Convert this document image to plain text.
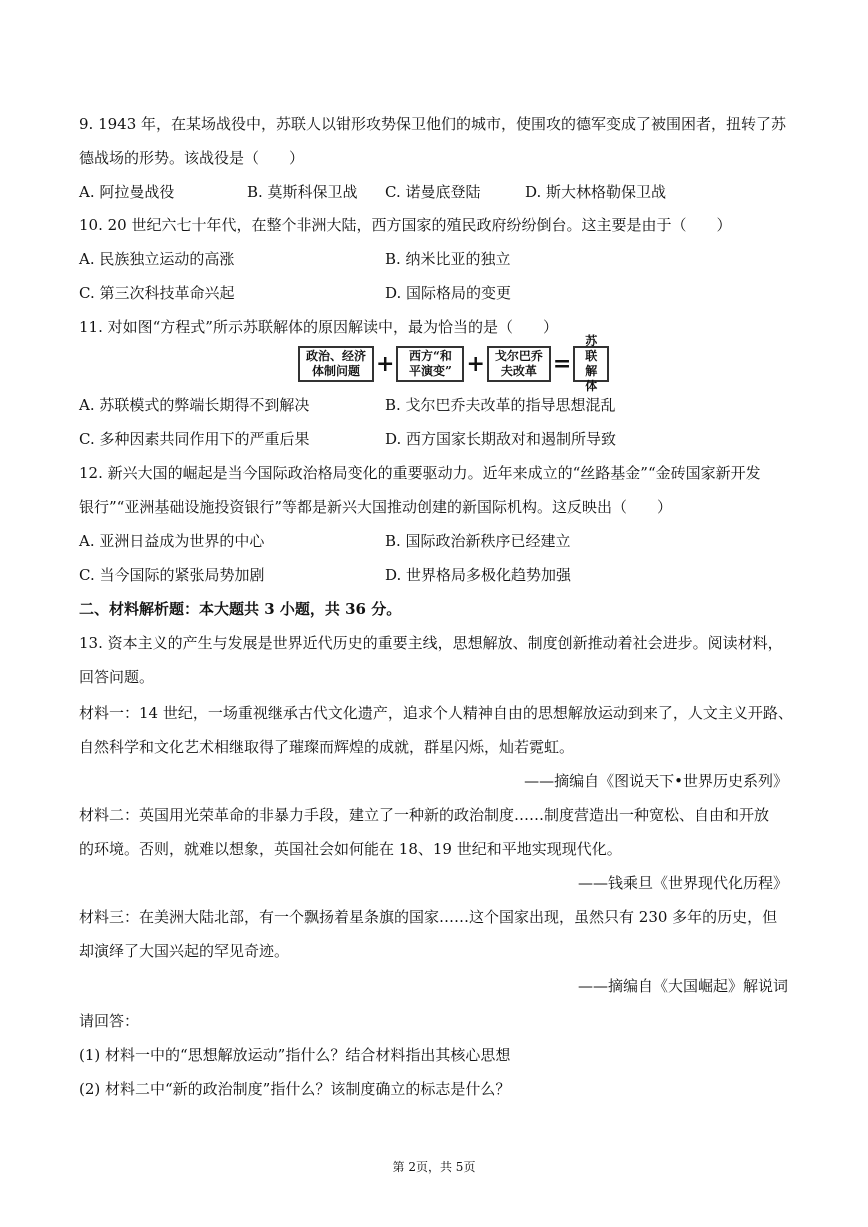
9. 1943 年，在某场战役中，苏联人以钳形攻势保卫他们的城市，使围攻的德军变成了被围困者，扭转了苏
德战场的形势。该战役是（　　）
A. 阿拉曼战役	B. 莫斯科保卫战 C. 诺曼底登陆	D. 斯大林格勒保卫战
10. 20 世纪六七十年代，在整个非洲大陆，西方国家的殖民政府纷纷倒台。这主要是由于（　　）
A. 民族独立运动的高涨	B. 纳米比亚的独立
C. 第三次科技革命兴起	D. 国际格局的变更
11. 对如图“方程式”所示苏联解体的原因解读中，最为恰当的是（　　）
政治、经济
体制问题 +	西方“和
平演变” + 戈尔巴乔
夫改革 =
苏联
解体
A. 苏联模式的弊端长期得不到解决	B. 戈尔巴乔夫改革的指导思想混乱
C. 多种因素共同作用下的严重后果	D. 西方国家长期敌对和遏制所导致
12. 新兴大国的崛起是当今国际政治格局变化的重要驱动力。近年来成立的“丝路基金”“金砖国家新开发
银行”“亚洲基础设施投资银行”等都是新兴大国推动创建的新国际机构。这反映出（　　）
A. 亚洲日益成为世界的中心	B. 国际政治新秩序已经建立
C. 当今国际的紧张局势加剧	D. 世界格局多极化趋势加强
二、材料解析题：本大题共 3 小题，共 36 分。
13. 资本主义的产生与发展是世界近代历史的重要主线，思想解放、制度创新推动着社会进步。阅读材料，
回答问题。
材料一：14 世纪，一场重视继承古代文化遗产，追求个人精神自由的思想解放运动到来了，人文主义开路、
自然科学和文化艺术相继取得了璀璨而辉煌的成就，群星闪烁，灿若霓虹。
——摘编自《图说天下•世界历史系列》
材料二：英国用光荣革命的非暴力手段，建立了一种新的政治制度……制度营造出一种宽松、自由和开放
的环境。否则，就难以想象，英国社会如何能在 18、19 世纪和平地实现现代化。
——钱乘旦《世界现代化历程》
材料三：在美洲大陆北部，有一个飘扬着星条旗的国家……这个国家出现，虽然只有 230 多年的历史，但
却演绎了大国兴起的罕见奇迹。
——摘编自《大国崛起》解说词
请回答：
(1) 材料一中的“思想解放运动”指什么？结合材料指出其核心思想
(2) 材料二中“新的政治制度”指什么？该制度确立的标志是什么？
第 2页，共 5页
